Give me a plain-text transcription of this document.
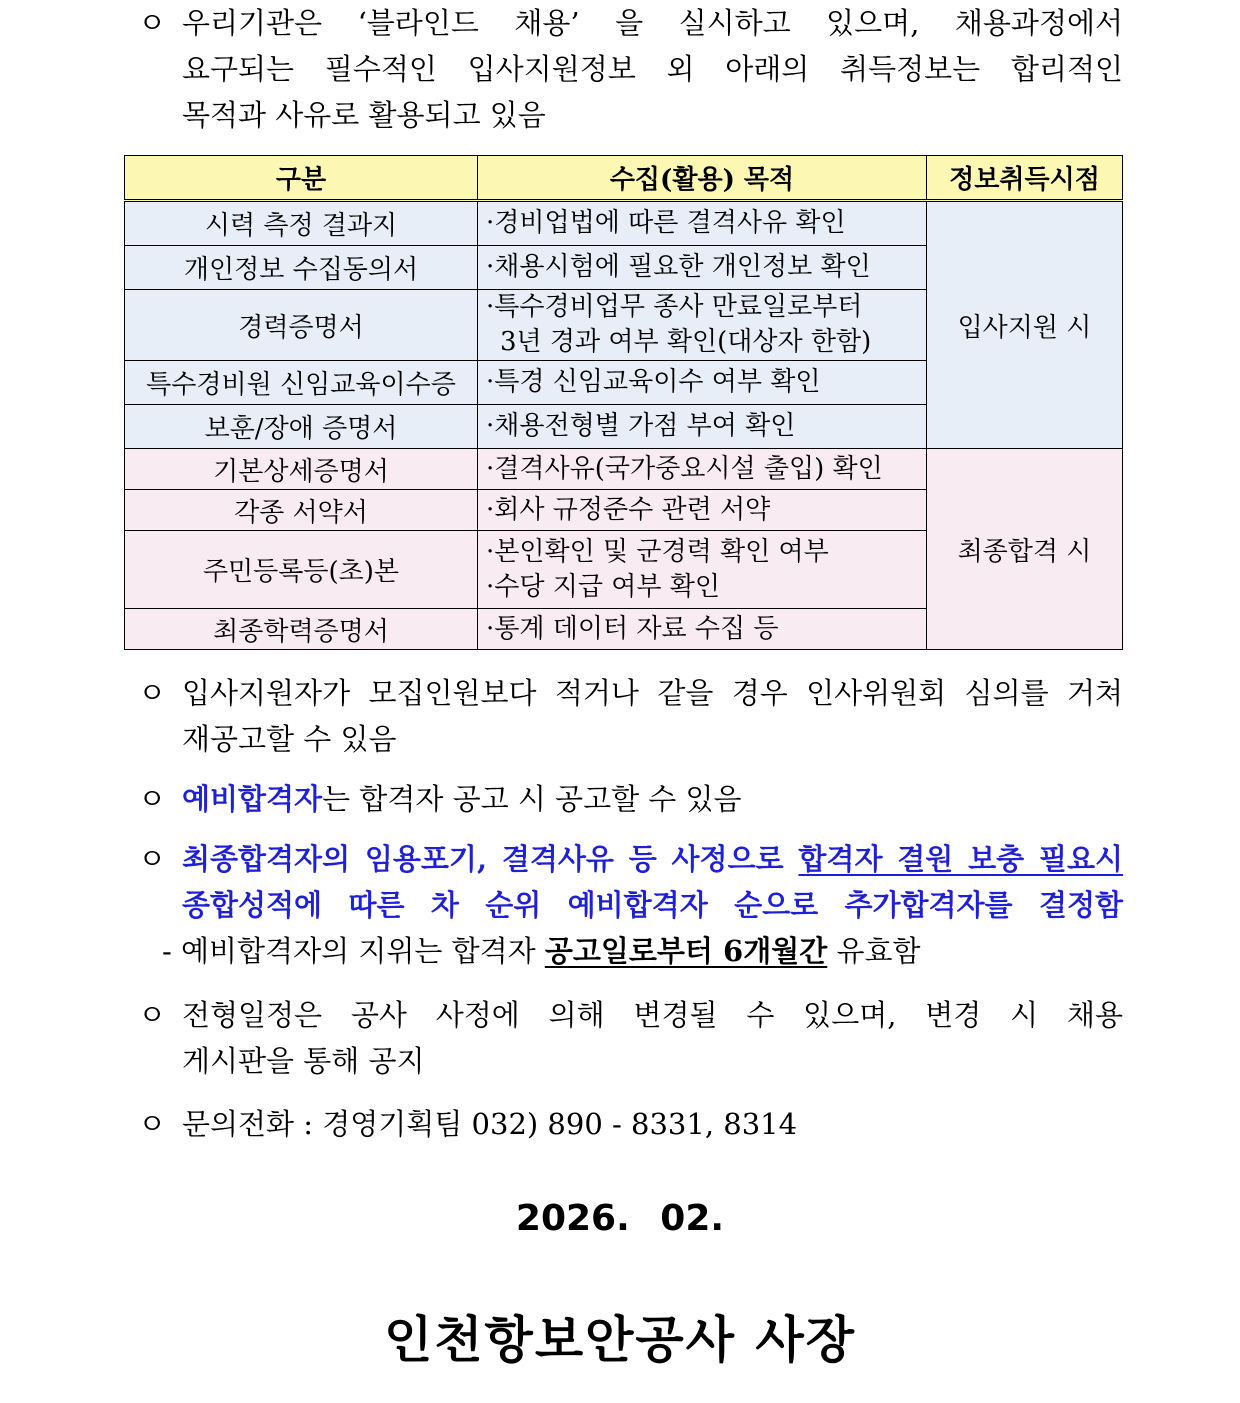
ㅇ 우리기관은 ‘블라인드 채용’ 을 실시하고 있으며, 채용과정에서
요구되는 필수적인 입사지원정보 외 아래의 취득정보는 합리적인
목적과 사유로 활용되고 있음
구분	수집(활용) 목적	정보취득시점
시력 측정 결과지	·경비업법에 따른 결격사유 확인	입사지원 시
개인정보 수집동의서	·채용시험에 필요한 개인정보 확인	
경력증명서	·특수경비업무 종사 만료일로부터
3년 경과 여부 확인(대상자 한함)	

특수경비원 신임교육이수증	·특경 신임교육이수 여부 확인	
보훈/장애 증명서	·채용전형별 가점 부여 확인	
기본상세증명서	·결격사유(국가중요시설 출입) 확인	최종합격 시
각종 서약서	·회사 규정준수 관련 서약	
주민등록등(초)본	·본인확인 및 군경력 확인 여부
·수당 지급 여부 확인	

최종학력증명서	·통계 데이터 자료 수집 등	
ㅇ 입사지원자가 모집인원보다 적거나 같을 경우 인사위원회 심의를 거쳐
재공고할 수 있음
ㅇ 예비합격자는 합격자 공고 시 공고할 수 있음
ㅇ 최종합격자의 임용포기, 결격사유 등 사정으로 합격자 결원 보충 필요시
종합성적에 따른 차 순위 예비합격자 순으로 추가합격자를 결정함
- 예비합격자의 지위는 합격자 공고일로부터 6개월간 유효함
ㅇ 전형일정은 공사 사정에 의해 변경될 수 있으며, 변경 시 채용
게시판을 통해 공지
ㅇ 문의전화 : 경영기획팀 032) 890 - 8331, 8314
2026. 02.
인천항보안공사 사장
